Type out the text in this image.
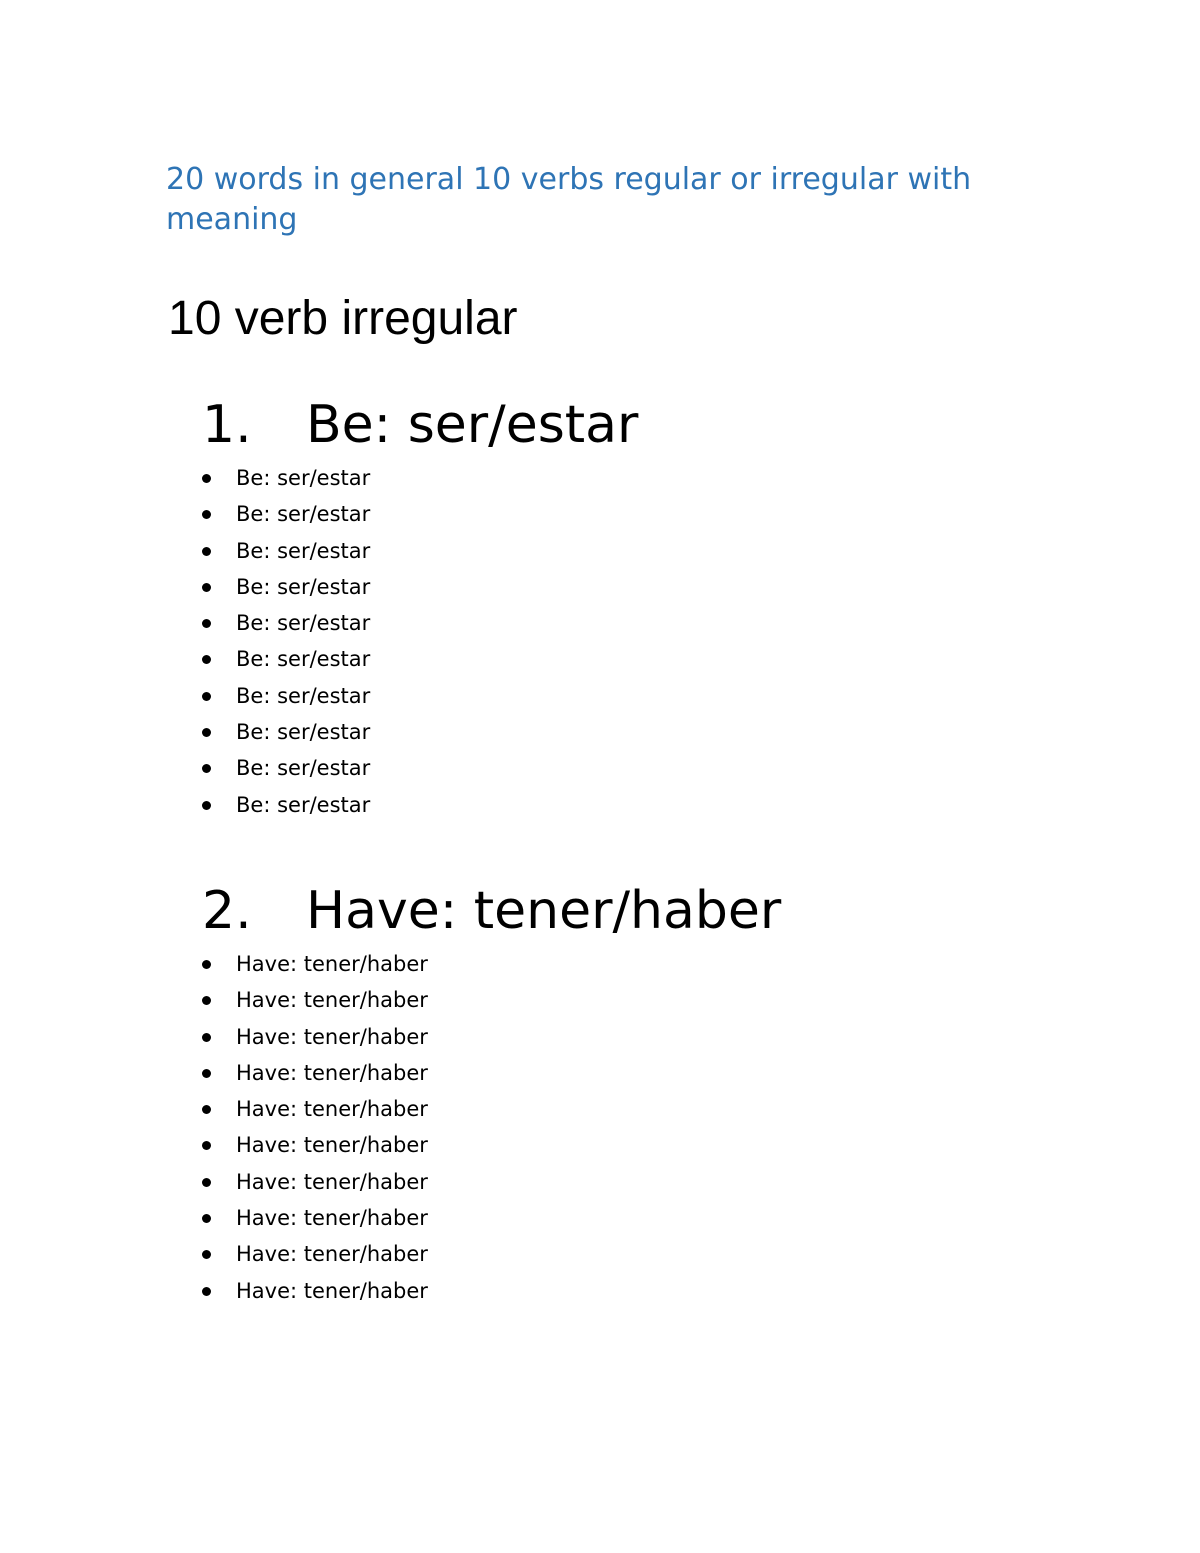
20 words in general 10 verbs regular or irregular with meaning
10 verb irregular
1. Be: ser/estar
Be: ser/estar
Be: ser/estar
Be: ser/estar
Be: ser/estar
Be: ser/estar
Be: ser/estar
Be: ser/estar
Be: ser/estar
Be: ser/estar
Be: ser/estar
2. Have: tener/haber
Have: tener/haber
Have: tener/haber
Have: tener/haber
Have: tener/haber
Have: tener/haber
Have: tener/haber
Have: tener/haber
Have: tener/haber
Have: tener/haber
Have: tener/haber
